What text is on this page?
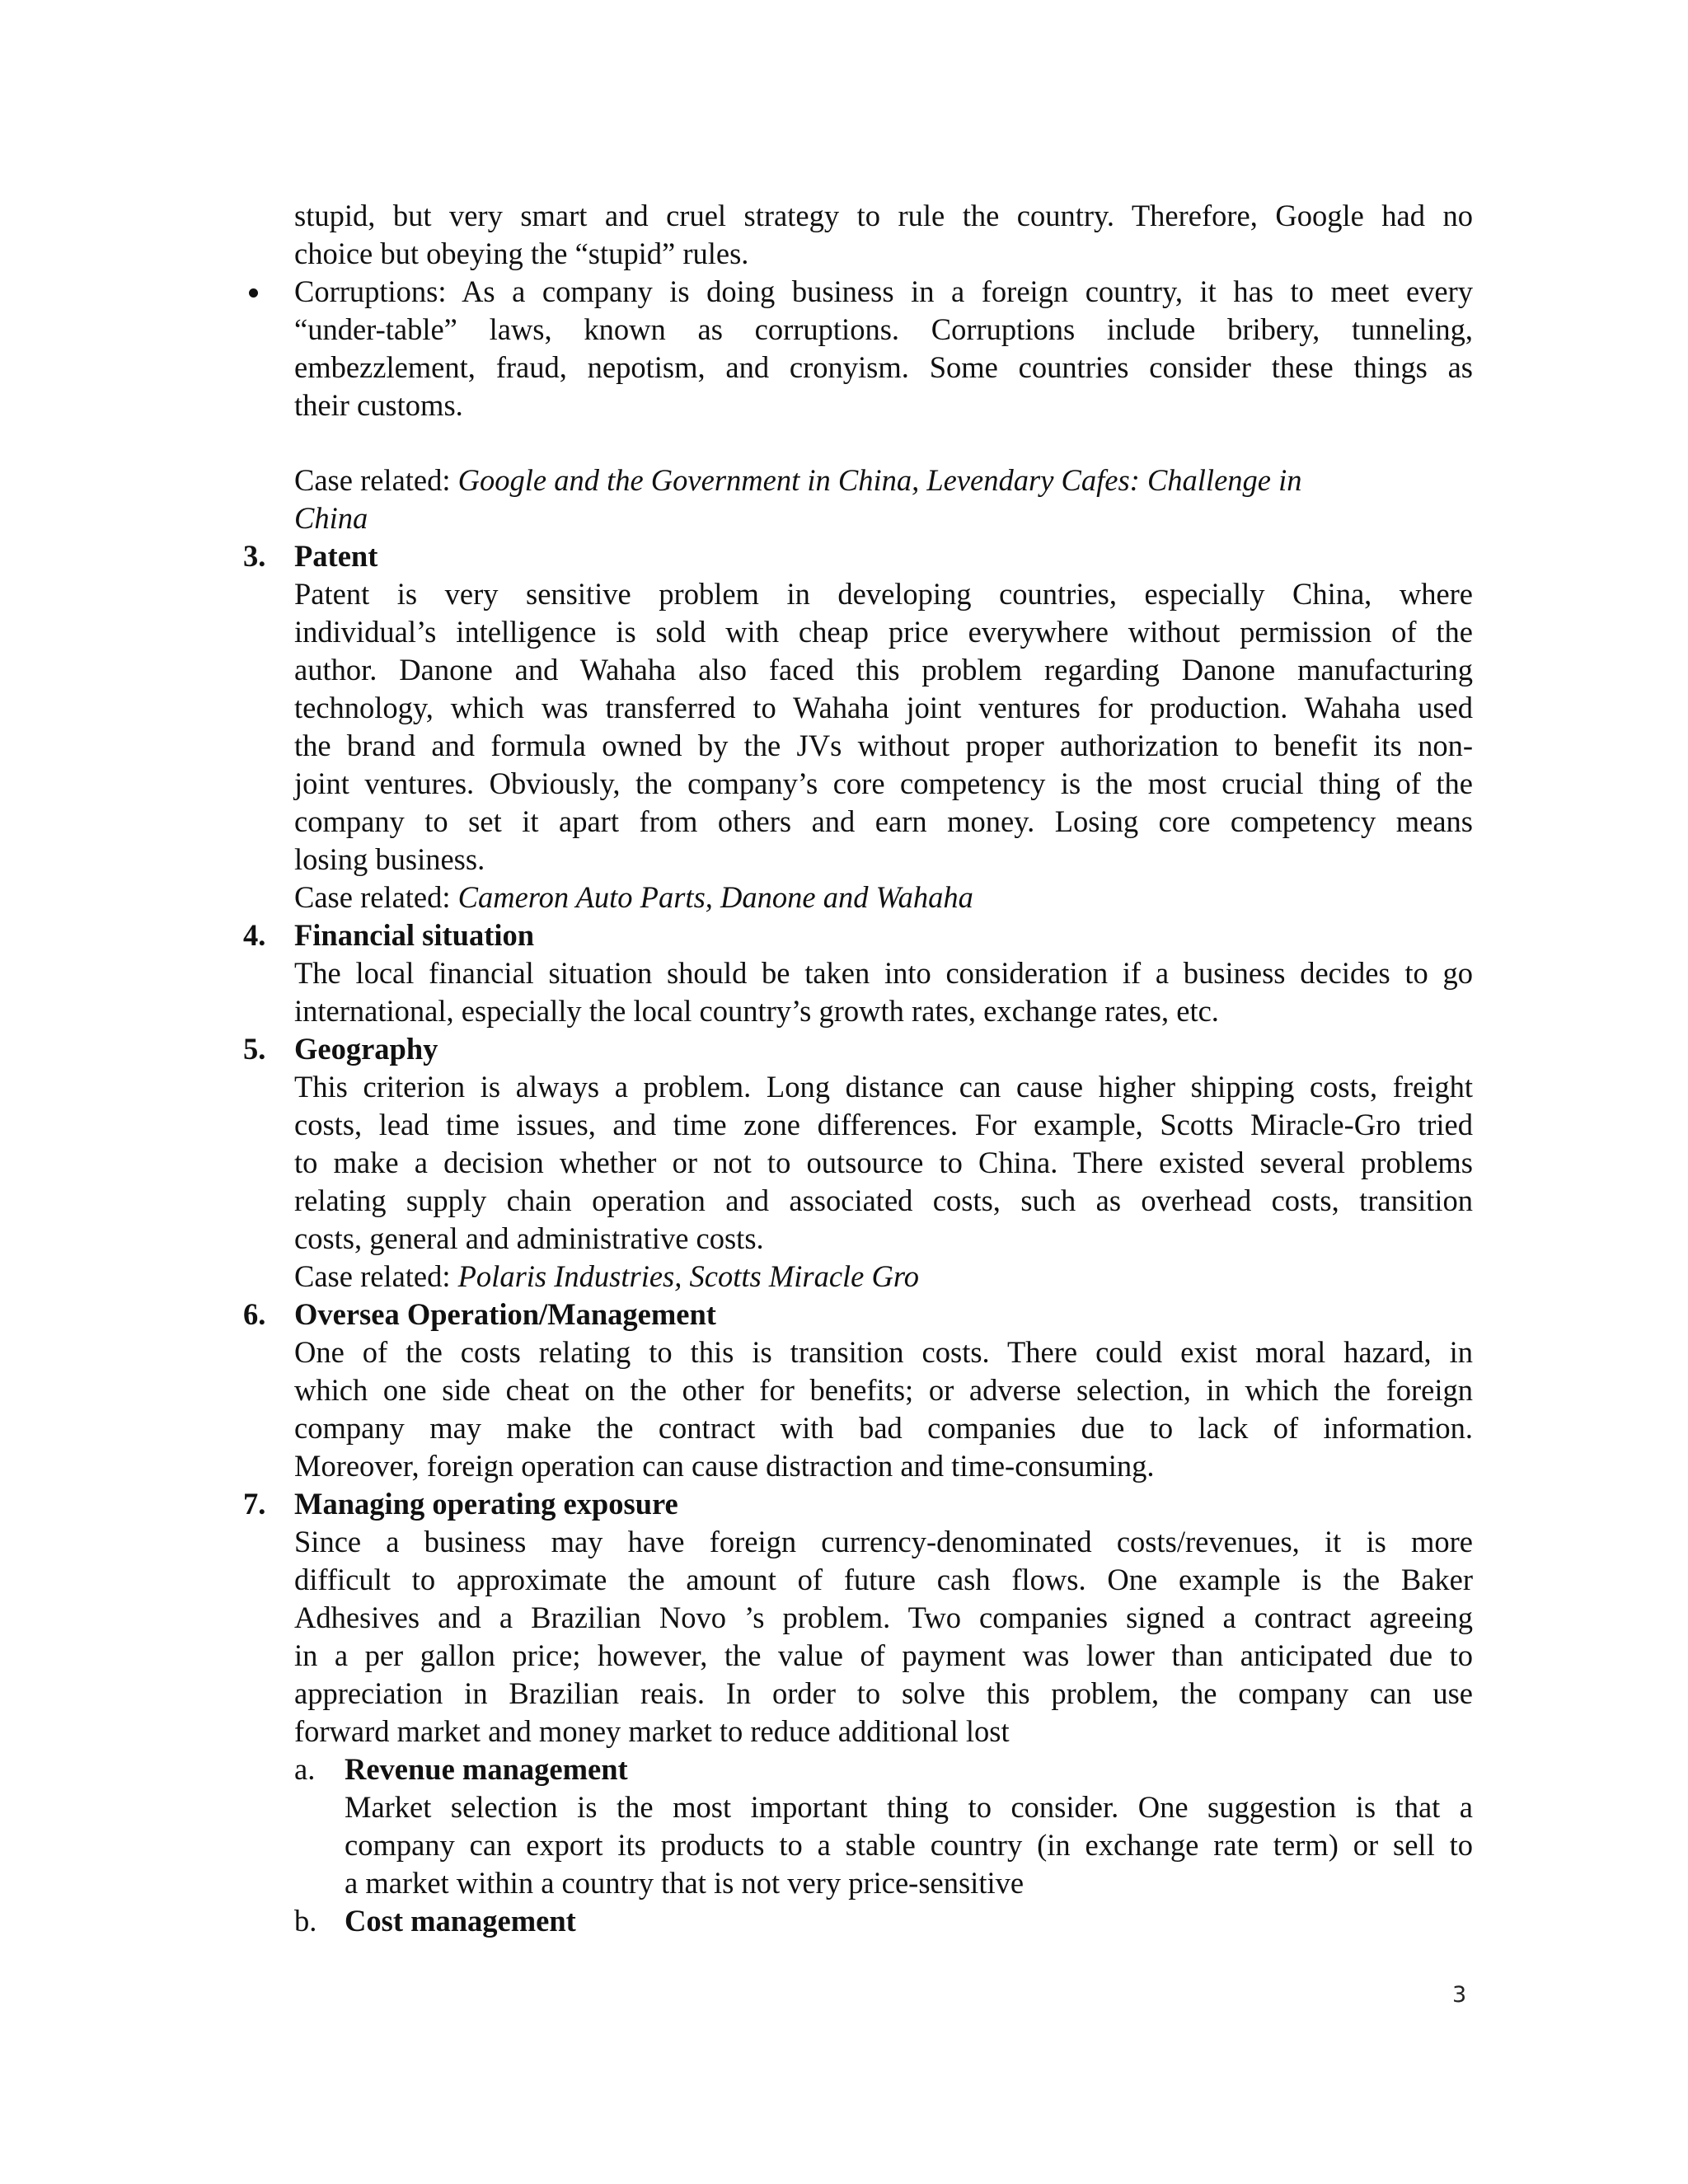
stupid, but very smart and cruel strategy to rule the country. Therefore, Google had no
choice but obeying the “stupid” rules.
Corruptions: As a company is doing business in a foreign country, it has to meet every
“under-table” laws, known as corruptions. Corruptions include bribery, tunneling,
embezzlement, fraud, nepotism, and cronyism. Some countries consider these things as
their customs.
Case related: Google and the Government in China, Levendary Cafes: Challenge in
China
3. Patent
Patent is very sensitive problem in developing countries, especially China, where
individual’s intelligence is sold with cheap price everywhere without permission of the
author. Danone and Wahaha also faced this problem regarding Danone manufacturing
technology, which was transferred to Wahaha joint ventures for production. Wahaha used
the brand and formula owned by the JVs without proper authorization to benefit its non-
joint ventures. Obviously, the company’s core competency is the most crucial thing of the
company to set it apart from others and earn money. Losing core competency means
losing business.
Case related: Cameron Auto Parts, Danone and Wahaha
4. Financial situation
The local financial situation should be taken into consideration if a business decides to go
international, especially the local country’s growth rates, exchange rates, etc.
5. Geography
This criterion is always a problem. Long distance can cause higher shipping costs, freight
costs, lead time issues, and time zone differences. For example, Scotts Miracle-Gro tried
to make a decision whether or not to outsource to China. There existed several problems
relating supply chain operation and associated costs, such as overhead costs, transition
costs, general and administrative costs.
Case related: Polaris Industries, Scotts Miracle Gro
6. Oversea Operation/Management
One of the costs relating to this is transition costs. There could exist moral hazard, in
which one side cheat on the other for benefits; or adverse selection, in which the foreign
company may make the contract with bad companies due to lack of information.
Moreover, foreign operation can cause distraction and time-consuming.
7. Managing operating exposure
Since a business may have foreign currency-denominated costs/revenues, it is more
difficult to approximate the amount of future cash flows. One example is the Baker
Adhesives and a Brazilian Novo ’s problem. Two companies signed a contract agreeing
in a per gallon price; however, the value of payment was lower than anticipated due to
appreciation in Brazilian reais. In order to solve this problem, the company can use
forward market and money market to reduce additional lost
a. Revenue management
Market selection is the most important thing to consider. One suggestion is that a
company can export its products to a stable country (in exchange rate term) or sell to
a market within a country that is not very price-sensitive
b. Cost management
3
